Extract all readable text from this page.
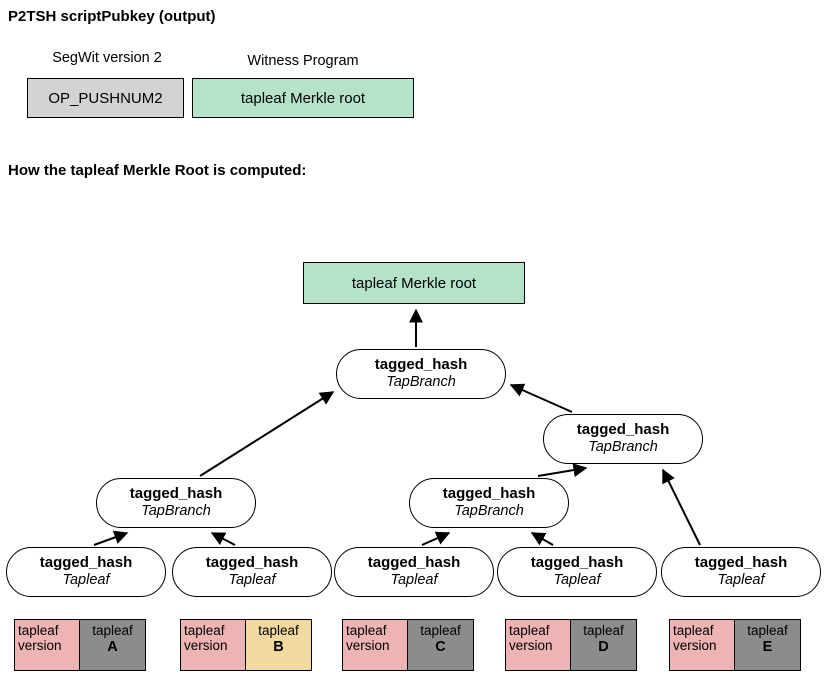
P2TSH scriptPubkey (output)
SegWit version 2
OP_PUSHNUM2
Witness Program
tapleaf Merkle root
How the tapleaf Merkle Root is computed:
tapleaf Merkle root
tagged_hash
TapBranch
tagged_hash
TapBranch
tagged_hash
TapBranch
tagged_hash
TapBranch
tagged_hash
Tapleaf
tagged_hash
Tapleaf
tagged_hash
Tapleaf
tagged_hash
Tapleaf
tagged_hash
Tapleaf
tapleaf
version
tapleaf
A
tapleaf
version
tapleaf
B
tapleaf
version
tapleaf
C
tapleaf
version
tapleaf
D
tapleaf
version
tapleaf
E
